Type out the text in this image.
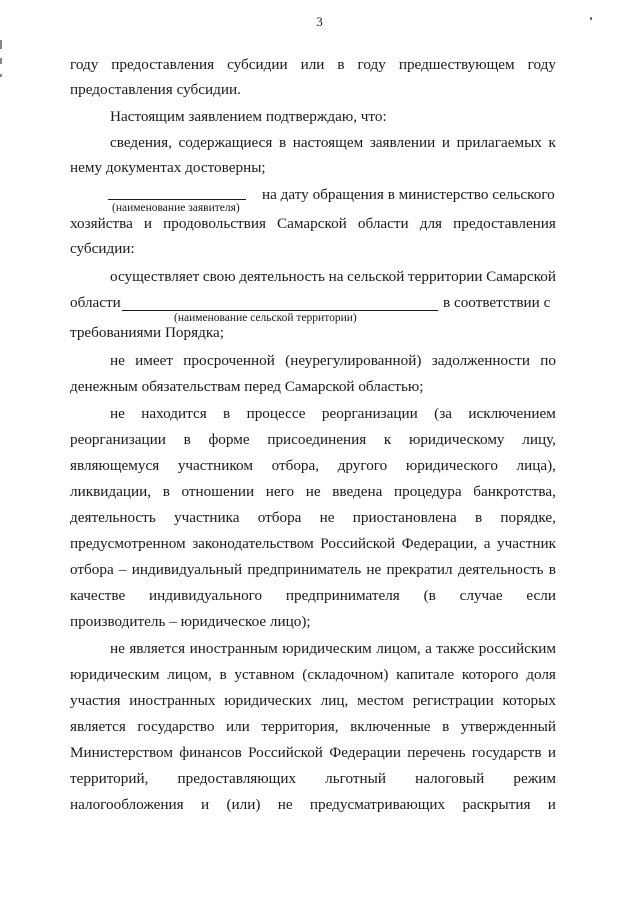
3
году предоставления субсидии или в году предшествующем году
предоставления субсидии.
Настоящим заявлением подтверждаю, что:
сведения, содержащиеся в настоящем заявлении и прилагаемых к
нему документах достоверны;
на дату обращения в министерство сельского
(наименование заявителя)
хозяйства и продовольствия Самарской области для предоставления
субсидии:
осуществляет свою деятельность на сельской территории Самарской
области	в соответствии с
(наименование сельской территории)
требованиями Порядка;
не имеет просроченной (неурегулированной) задолженности по
денежным обязательствам перед Самарской областью;
не находится в процессе реорганизации (за исключением
реорганизации в форме присоединения к юридическому лицу,
являющемуся участником отбора, другого юридического лица),
ликвидации, в отношении него не введена процедура банкротства,
деятельность участника отбора не приостановлена в порядке,
предусмотренном законодательством Российской Федерации, а участник
отбора – индивидуальный предприниматель не прекратил деятельность в
качестве индивидуального предпринимателя (в случае если
производитель – юридическое лицо);
не является иностранным юридическим лицом, а также российским
юридическим лицом, в уставном (складочном) капитале которого доля
участия иностранных юридических лиц, местом регистрации которых
является государство или территория, включенные в утвержденный
Министерством финансов Российской Федерации перечень государств и
территорий, предоставляющих льготный налоговый режим
налогообложения и (или) не предусматривающих раскрытия и
